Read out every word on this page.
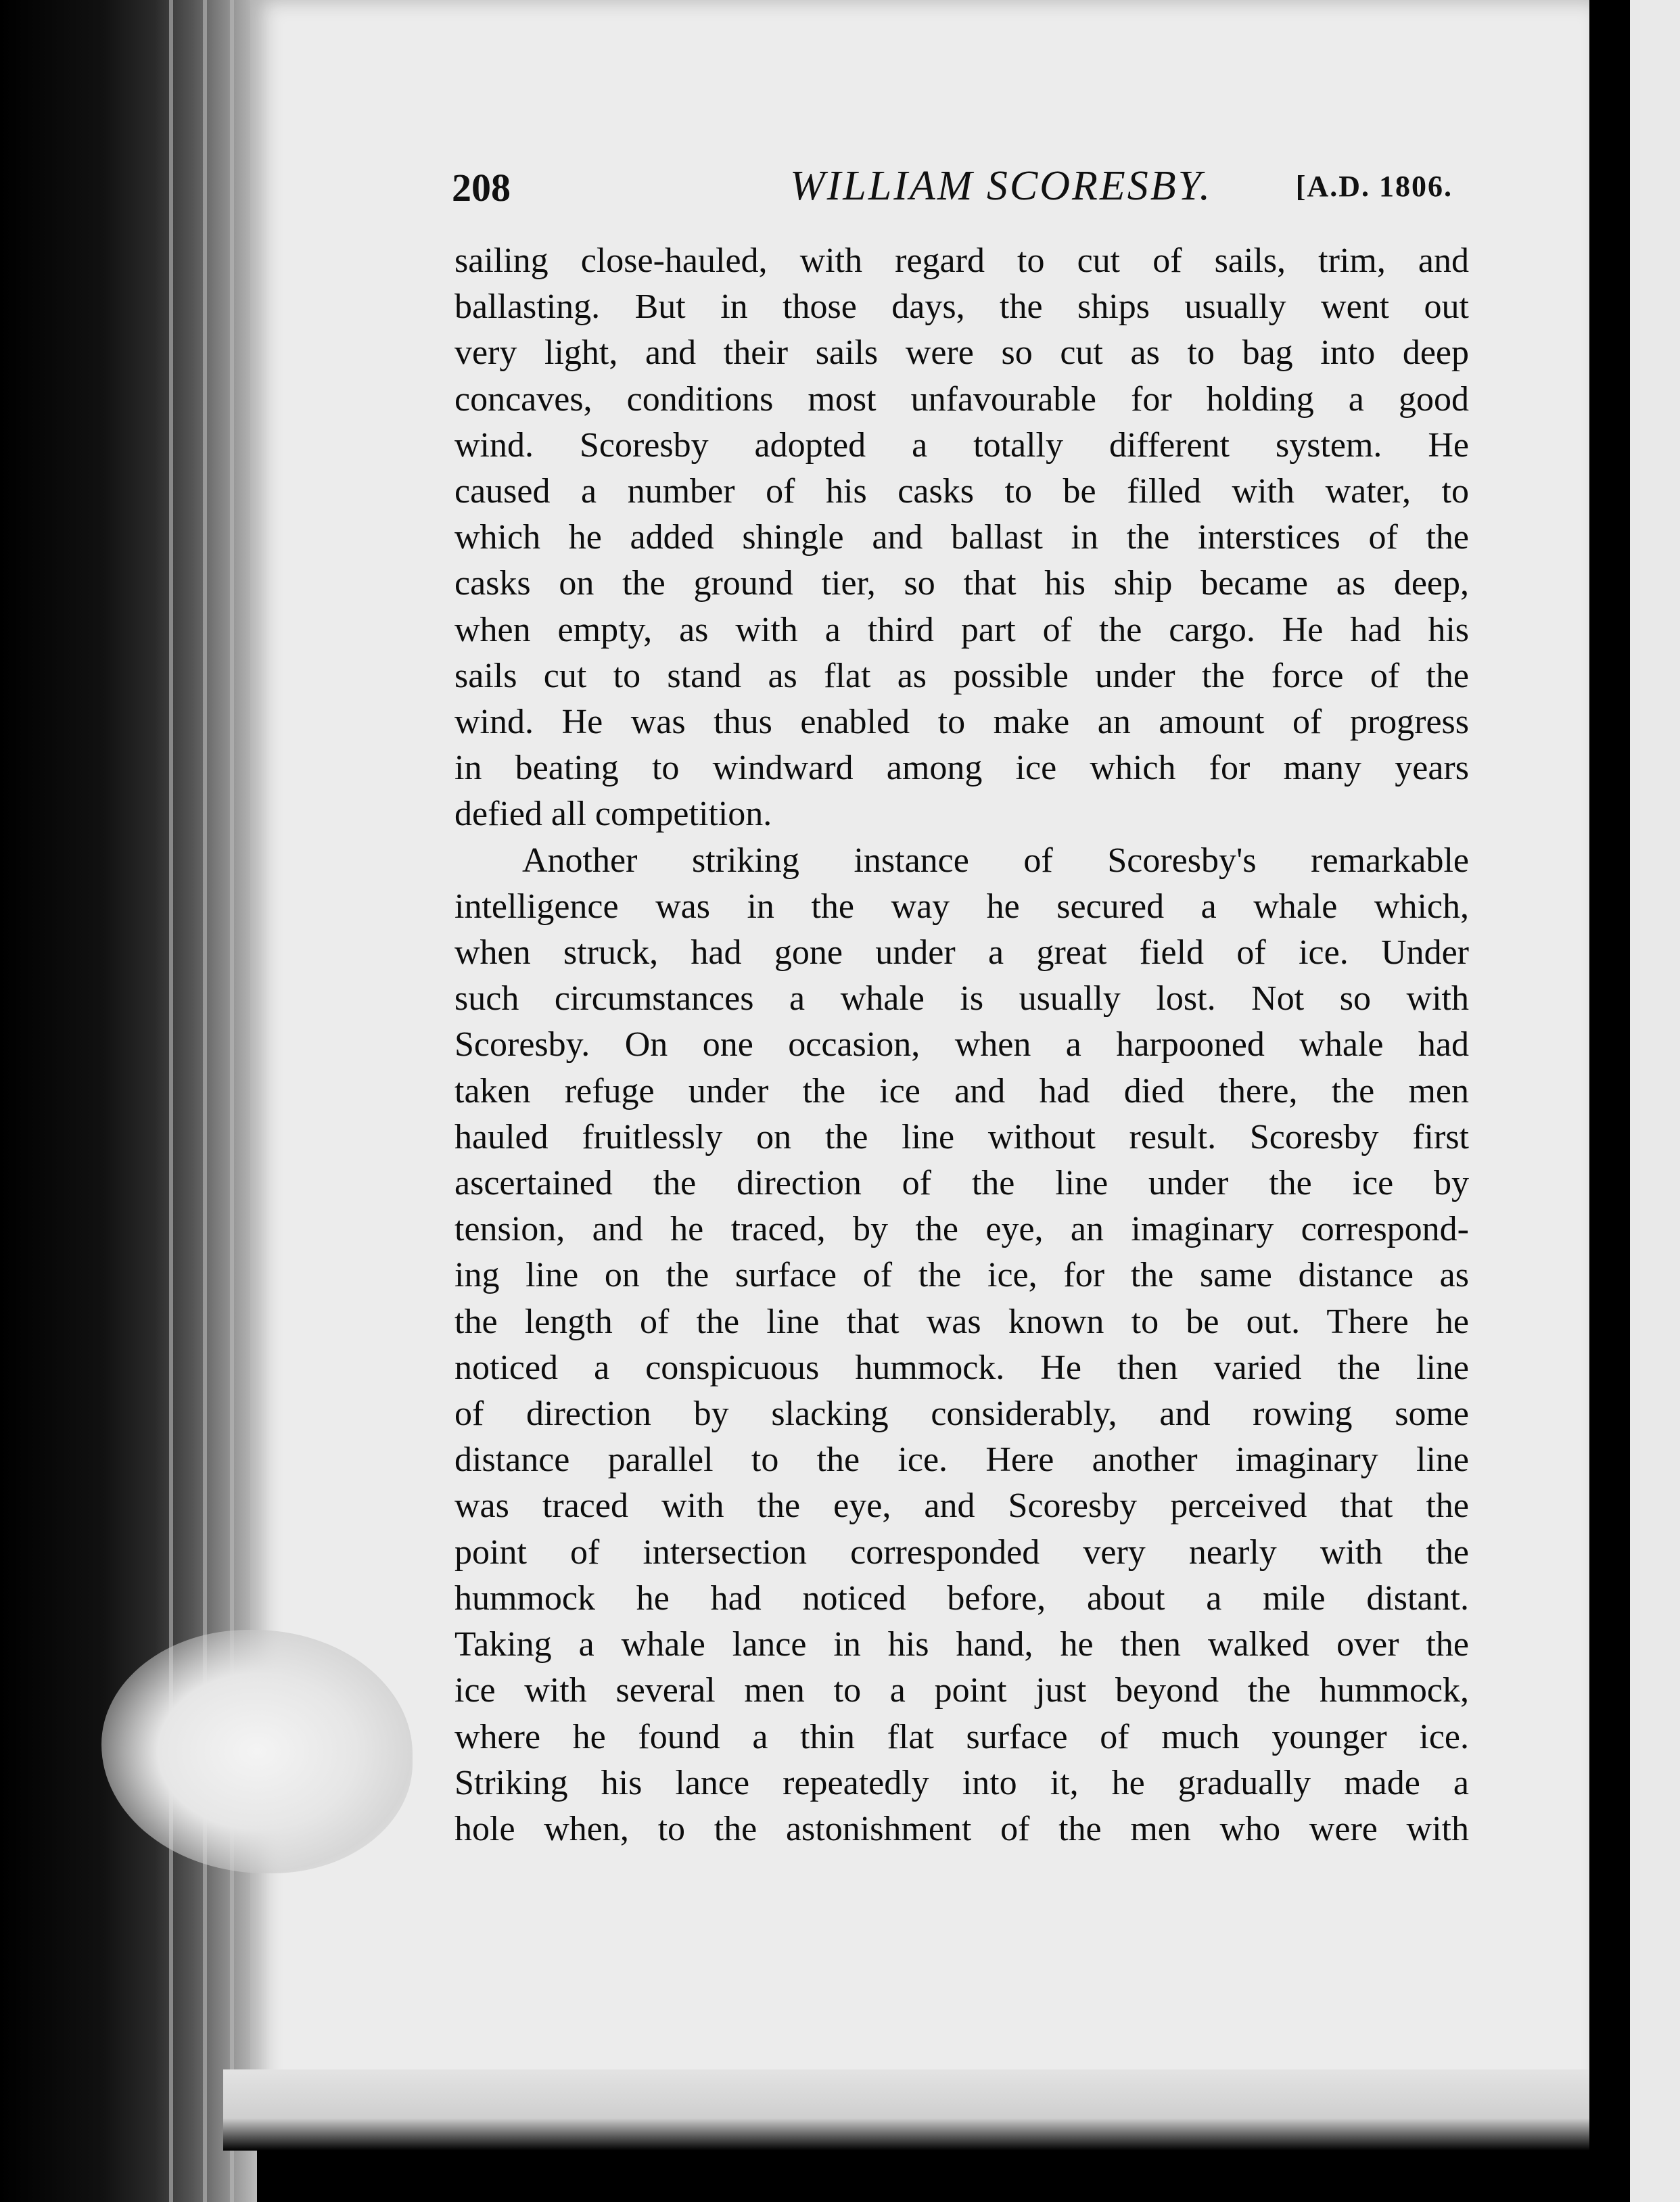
208	WILLIAM SCORESBY.	[A.D. 1806.
sailing close-hauled, with regard to cut of sails, trim, and
ballasting. But in those days, the ships usually went out
very light, and their sails were so cut as to bag into deep
concaves, conditions most unfavourable for holding a good
wind. Scoresby adopted a totally different system. He
caused a number of his casks to be filled with water, to
which he added shingle and ballast in the interstices of the
casks on the ground tier, so that his ship became as deep,
when empty, as with a third part of the cargo. He had his
sails cut to stand as flat as possible under the force of the
wind. He was thus enabled to make an amount of progress
in beating to windward among ice which for many years
defied all competition.
Another striking instance of Scoresby's remarkable
intelligence was in the way he secured a whale which,
when struck, had gone under a great field of ice. Under
such circumstances a whale is usually lost. Not so with
Scoresby. On one occasion, when a harpooned whale had
taken refuge under the ice and had died there, the men
hauled fruitlessly on the line without result. Scoresby first
ascertained the direction of the line under the ice by
tension, and he traced, by the eye, an imaginary correspond-
ing line on the surface of the ice, for the same distance as
the length of the line that was known to be out. There he
noticed a conspicuous hummock. He then varied the line
of direction by slacking considerably, and rowing some
distance parallel to the ice. Here another imaginary line
was traced with the eye, and Scoresby perceived that the
point of intersection corresponded very nearly with the
hummock he had noticed before, about a mile distant.
Taking a whale lance in his hand, he then walked over the
ice with several men to a point just beyond the hummock,
where he found a thin flat surface of much younger ice.
Striking his lance repeatedly into it, he gradually made a
hole when, to the astonishment of the men who were with
